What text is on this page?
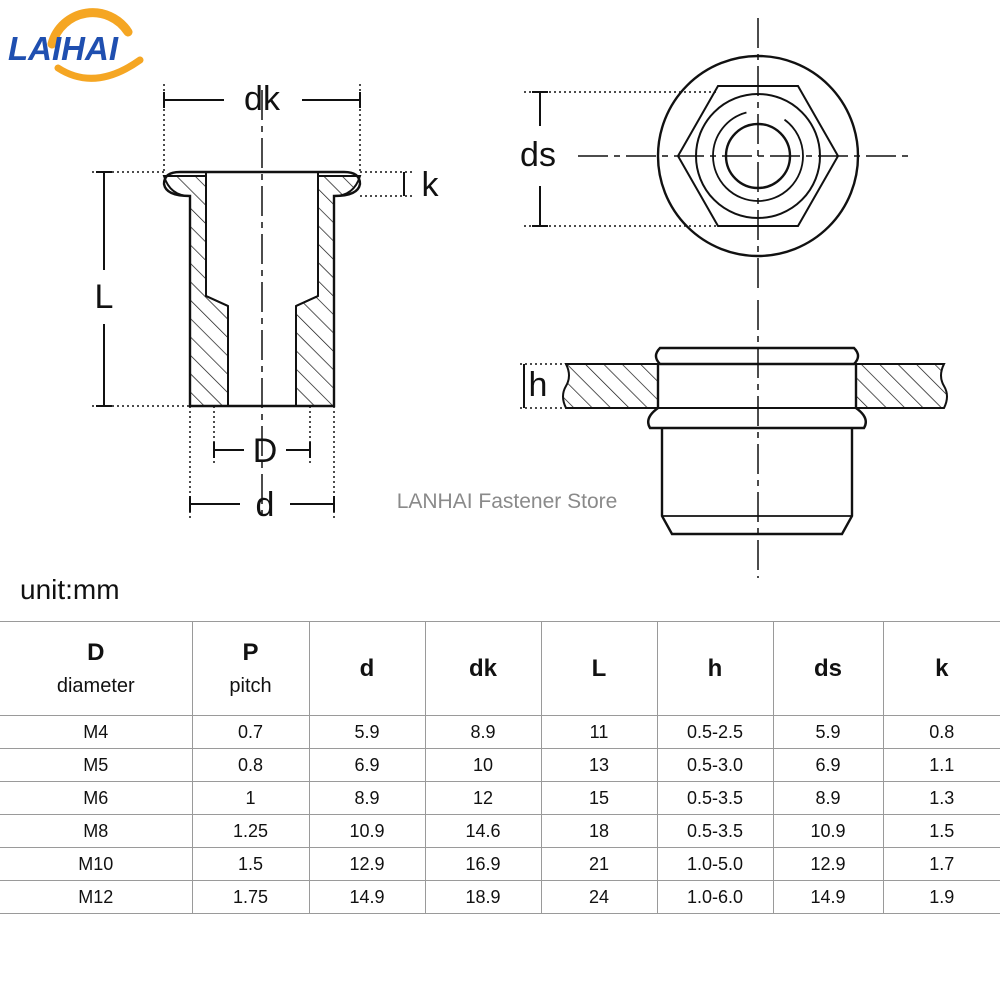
LAIHAI
dk
k
L
D
d
ds
h
LANHAI Fastener Store
unit:mm
D
diameter	P
pitch	d	dk	L	h	ds	k
M4	0.7	5.9	8.9	11	0.5-2.5	5.9	0.8
M5	0.8	6.9	10	13	0.5-3.0	6.9	1.1
M6	1	8.9	12	15	0.5-3.5	8.9	1.3
M8	1.25	10.9	14.6	18	0.5-3.5	10.9	1.5
M10	1.5	12.9	16.9	21	1.0-5.0	12.9	1.7
M12	1.75	14.9	18.9	24	1.0-6.0	14.9	1.9
